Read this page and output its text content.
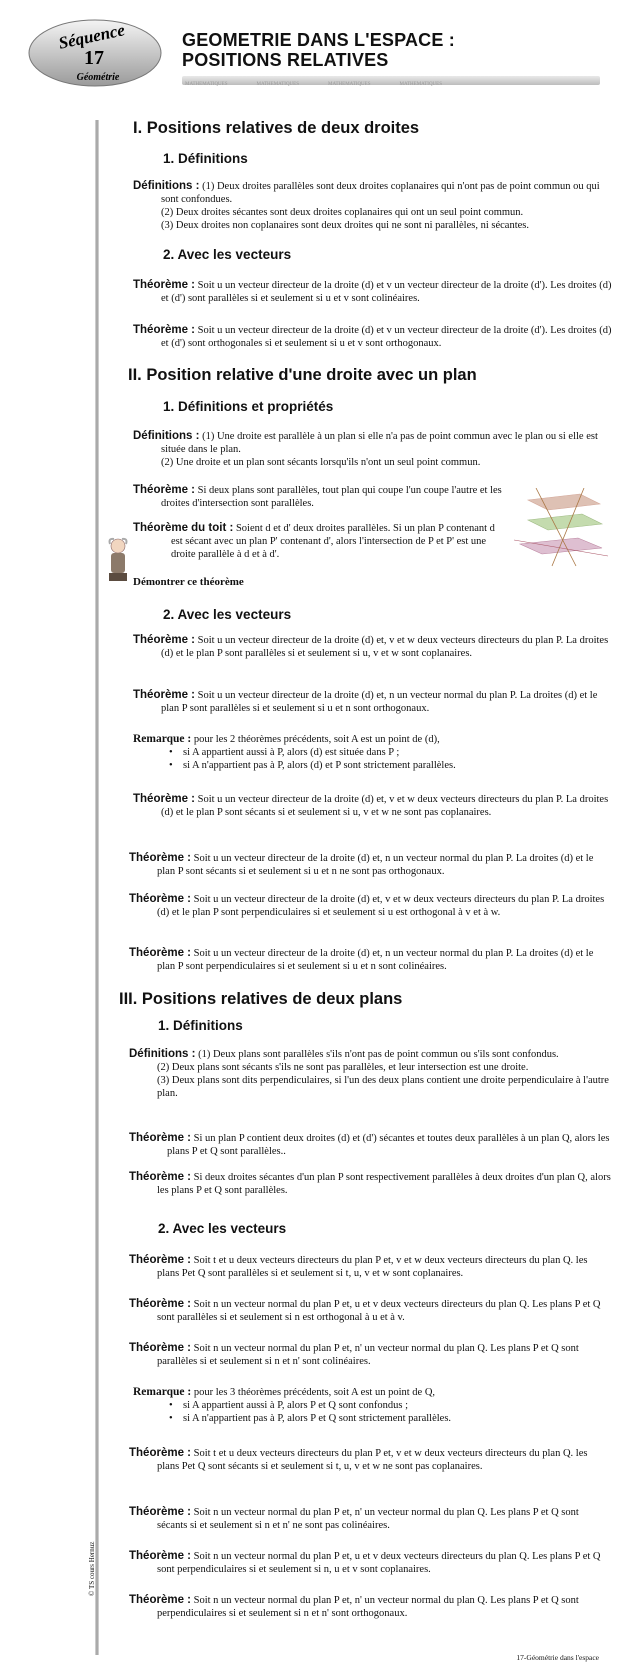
Séquence
17
Géométrie
GEOMETRIE DANS L'ESPACE :
POSITIONS RELATIVES
MATHEMATIQUES	MATHEMATIQUES	MATHEMATIQUES	MATHEMATIQUES
I. Positions relatives de deux droites
1. Définitions

Définitions : (1) Deux droites parallèles sont deux droites coplanaires qui n'ont pas de point commun ou qui sont confondues.

(2) Deux droites sécantes sont deux droites coplanaires qui ont un seul point commun.

(3) Deux droites non coplanaires sont deux droites qui ne sont ni parallèles, ni sécantes.

2. Avec les vecteurs

Théorème : Soit u un vecteur directeur de la droite (d) et v un vecteur directeur de la droite (d'). Les droites (d) et (d') sont parallèles si et seulement si u et v sont colinéaires.

Théorème : Soit u un vecteur directeur de la droite (d) et v un vecteur directeur de la droite (d'). Les droites (d) et (d') sont orthogonales si et seulement si u et v sont orthogonaux.

II. Position relative d'une droite avec un plan
1. Définitions et propriétés

Définitions : (1) Une droite est parallèle à un plan si elle n'a pas de point commun avec le plan ou si elle est située dans le plan.

(2) Une droite et un plan sont sécants lorsqu'ils n'ont un seul point commun.

Théorème : Si deux plans sont parallèles, tout plan qui coupe l'un coupe l'autre et les droites d'intersection sont parallèles.

Théorème du toit : Soient d et d' deux droites parallèles. Si un plan P contenant d est sécant avec un plan P' contenant d', alors l'intersection de P et P' est une droite parallèle à d et à d'.

Démontrer ce théorème
2. Avec les vecteurs

Théorème : Soit u un vecteur directeur de la droite (d) et, v et w deux vecteurs directeurs du plan P. La droites (d) et le plan P sont parallèles si et seulement si u, v et w sont coplanaires.

Théorème : Soit u un vecteur directeur de la droite (d) et, n un vecteur normal du plan P. La droites (d) et le plan P sont parallèles si et seulement si u et n sont orthogonaux.

Remarque : pour les 2 théorèmes précédents, soit A est un point de (d),

• si A appartient aussi à P, alors (d) est située dans P ;

• si A n'appartient pas à P, alors (d) et P sont strictement parallèles.

Théorème : Soit u un vecteur directeur de la droite (d) et, v et w deux vecteurs directeurs du plan P. La droites (d) et le plan P sont sécants si et seulement si u, v et w ne sont pas coplanaires.

Théorème : Soit u un vecteur directeur de la droite (d) et, n un vecteur normal du plan P. La droites (d) et le plan P sont sécants si et seulement si u et n ne sont pas orthogonaux.

Théorème : Soit u un vecteur directeur de la droite (d) et, v et w deux vecteurs directeurs du plan P. La droites (d) et le plan P sont perpendiculaires si et seulement si u est orthogonal à v et à w.

Théorème : Soit u un vecteur directeur de la droite (d) et, n un vecteur normal du plan P. La droites (d) et le plan P sont perpendiculaires si et seulement si u et n sont colinéaires.

III. Positions relatives de deux plans
1. Définitions

Définitions : (1) Deux plans sont parallèles s'ils n'ont pas de point commun ou s'ils sont confondus.

(2) Deux plans sont sécants s'ils ne sont pas parallèles, et leur intersection est une droite.

(3) Deux plans sont dits perpendiculaires, si l'un des deux plans contient une droite perpendiculaire à l'autre plan.

Théorème : Si un plan P contient deux droites (d) et (d') sécantes et toutes deux parallèles à un plan Q, alors les plans P et Q sont parallèles..

Théorème : Si deux droites sécantes d'un plan P sont respectivement parallèles à deux droites d'un plan Q, alors les plans P et Q sont parallèles.

2. Avec les vecteurs

Théorème : Soit t et u deux vecteurs directeurs du plan P et, v et w deux vecteurs directeurs du plan Q. les plans Pet Q sont parallèles si et seulement si t, u, v et w sont coplanaires.

Théorème : Soit n un vecteur normal du plan P et, u et v deux vecteurs directeurs du plan Q. Les plans P et Q sont parallèles si et seulement si n est orthogonal à u et à v.

Théorème : Soit n un vecteur normal du plan P et, n' un vecteur normal du plan Q. Les plans P et Q sont parallèles si et seulement si n et n' sont colinéaires.

Remarque : pour les 3 théorèmes précédents, soit A est un point de Q,

• si A appartient aussi à P, alors P et Q sont confondus ;

• si A n'appartient pas à P, alors P et Q sont strictement parallèles.

Théorème : Soit t et u deux vecteurs directeurs du plan P et, v et w deux vecteurs directeurs du plan Q. les plans Pet Q sont sécants si et seulement si t, u, v et w ne sont pas coplanaires.

Théorème : Soit n un vecteur normal du plan P et, n' un vecteur normal du plan Q. Les plans P et Q sont sécants si et seulement si n et n' ne sont pas colinéaires.

Théorème : Soit n un vecteur normal du plan P et, u et v deux vecteurs directeurs du plan Q. Les plans P et Q sont perpendiculaires si et seulement si n, u et v sont coplanaires.

Théorème : Soit n un vecteur normal du plan P et, n' un vecteur normal du plan Q. Les plans P et Q sont perpendiculaires si et seulement si n et n' sont orthogonaux.

© TS cours Hernuz
17-Géométrie dans l'espace
